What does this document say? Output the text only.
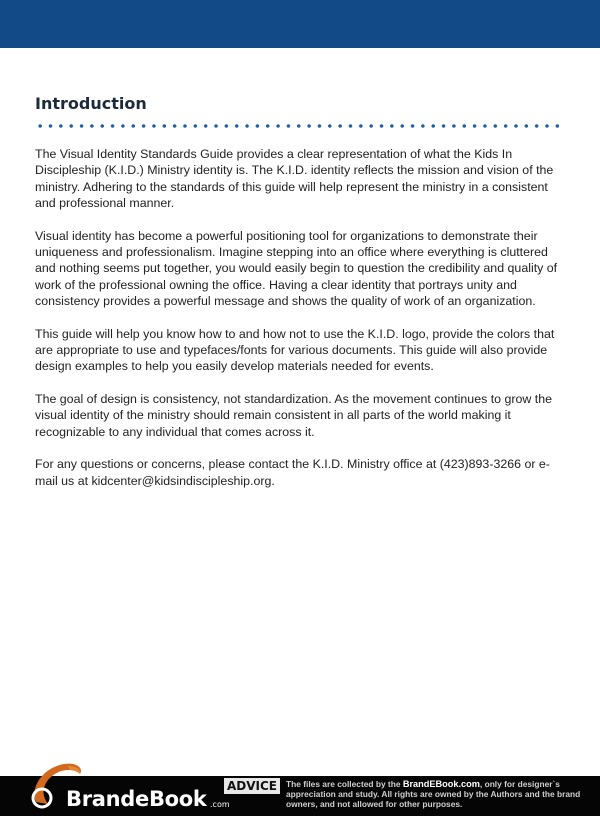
Introduction

The Visual Identity Standards Guide provides a clear representation of what the Kids In Discipleship (K.I.D.) Ministry identity is. The K.I.D. identity reflects the mission and vision of the ministry. Adhering to the standards of this guide will help represent the ministry in a consistent and professional manner.

Visual identity has become a powerful positioning tool for organizations to demonstrate their uniqueness and professionalism. Imagine stepping into an office where everything is cluttered and nothing seems put together, you would easily begin to question the credibility and quality of work of the professional owning the office. Having a clear identity that portrays unity and consistency provides a powerful message and shows the quality of work of an organization.

This guide will help you know how to and how not to use the K.I.D. logo, provide the colors that are appropriate to use and typefaces/fonts for various documents. This guide will also provide design examples to help you easily develop materials needed for events.

The goal of design is consistency, not standardization. As the movement continues to grow the visual identity of the ministry should remain consistent in all parts of the world making it recognizable to any individual that comes across it.

For any questions or concerns, please contact the K.I.D. Ministry office at (423)893-3266 or e-mail us at kidcenter@kidsindiscipleship.org.

BrandeBook .com
ADVICE	The files are collected by the BrandEBook.com, only for designer`s appreciation and study. All rights are owned by the Authors and the brand owners, and not allowed for other purposes.
